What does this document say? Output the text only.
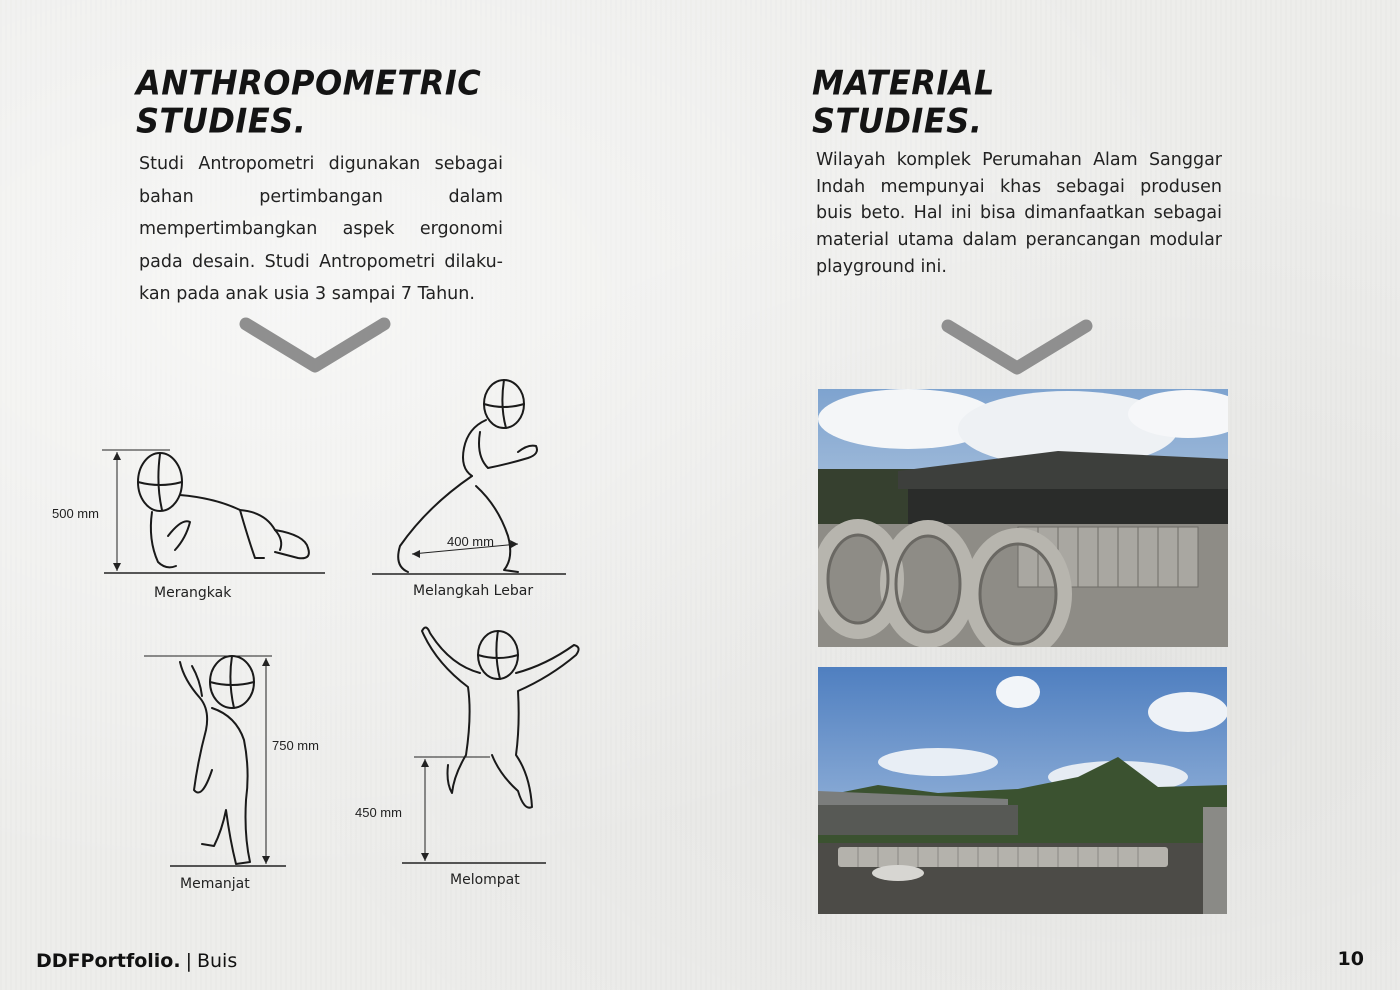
ANTHROPOMETRIC
STUDIES.

Studi Antropometri digunakan sebagai bahan pertimbangan dalam mempertimbangkan aspek ergonomi pada desain. Studi Antropometri dilaku-kan pada anak usia 3 sampai 7 Tahun.

500 mm
Merangkak
400 mm
Melangkah Lebar
750 mm
Memanjat
450 mm
Melompat
MATERIAL
STUDIES.

Wilayah komplek Perumahan Alam Sanggar Indah mempunyai khas sebagai produsen buis beto. Hal ini bisa dimanfaatkan sebagai material utama dalam perancangan modular playground ini.

DDFPortfolio. | Buis	10
